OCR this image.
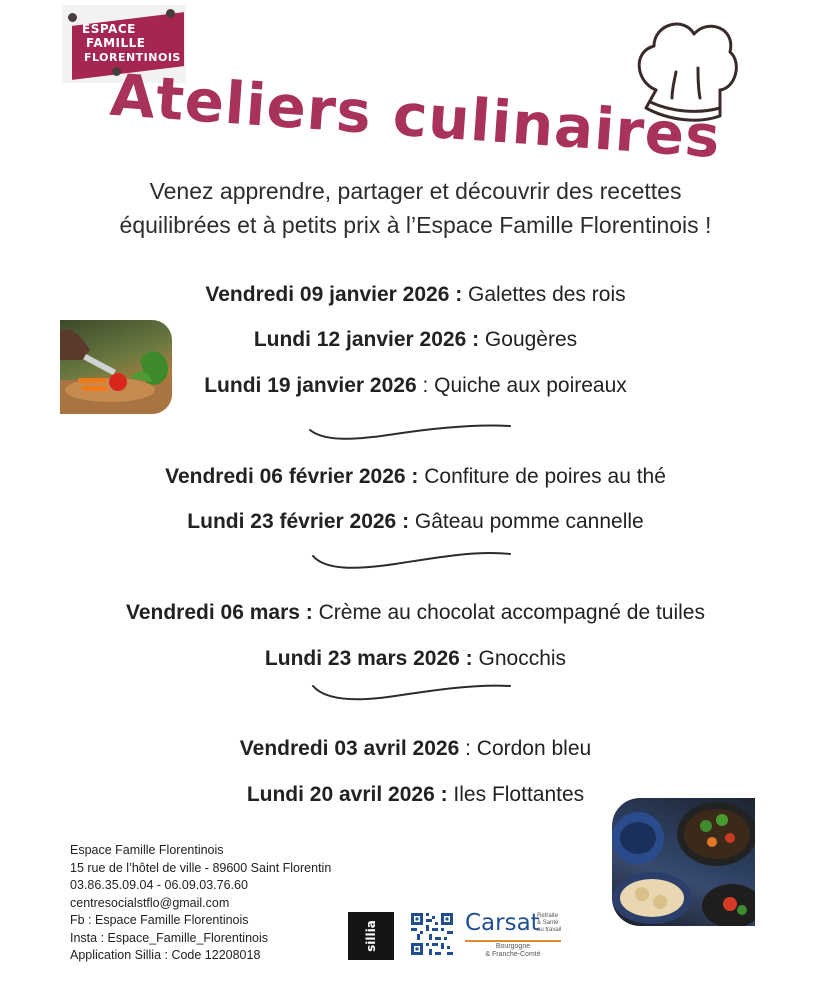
ESPACE
FAMILLE
FLORENTINOIS
Ateliers culinaires
Venez apprendre, partager et découvrir des recettes
équilibrées et à petits prix à l’Espace Famille Florentinois !
Vendredi 09 janvier 2026 : Galettes des rois
Lundi 12 janvier 2026 : Gougères
Lundi 19 janvier 2026 : Quiche aux poireaux
Vendredi 06 février 2026 : Confiture de poires au thé
Lundi 23 février 2026 : Gâteau pomme cannelle
Vendredi 06 mars : Crème au chocolat accompagné de tuiles
Lundi 23 mars 2026 : Gnocchis
Vendredi 03 avril 2026 : Cordon bleu
Lundi 20 avril 2026 : Iles Flottantes
Espace Famille Florentinois
15 rue de l’hôtel de ville - 89600 Saint Florentin
03.86.35.09.04 - 06.09.03.76.60
centresocialstflo@gmail.com
Fb : Espace Famille Florentinois
Insta : Espace_Famille_Florentinois
Application Sillia : Code 12208018
sillia	Carsat
Retraite
& Santé
au travail
Bourgogne
& Franche-Comté
